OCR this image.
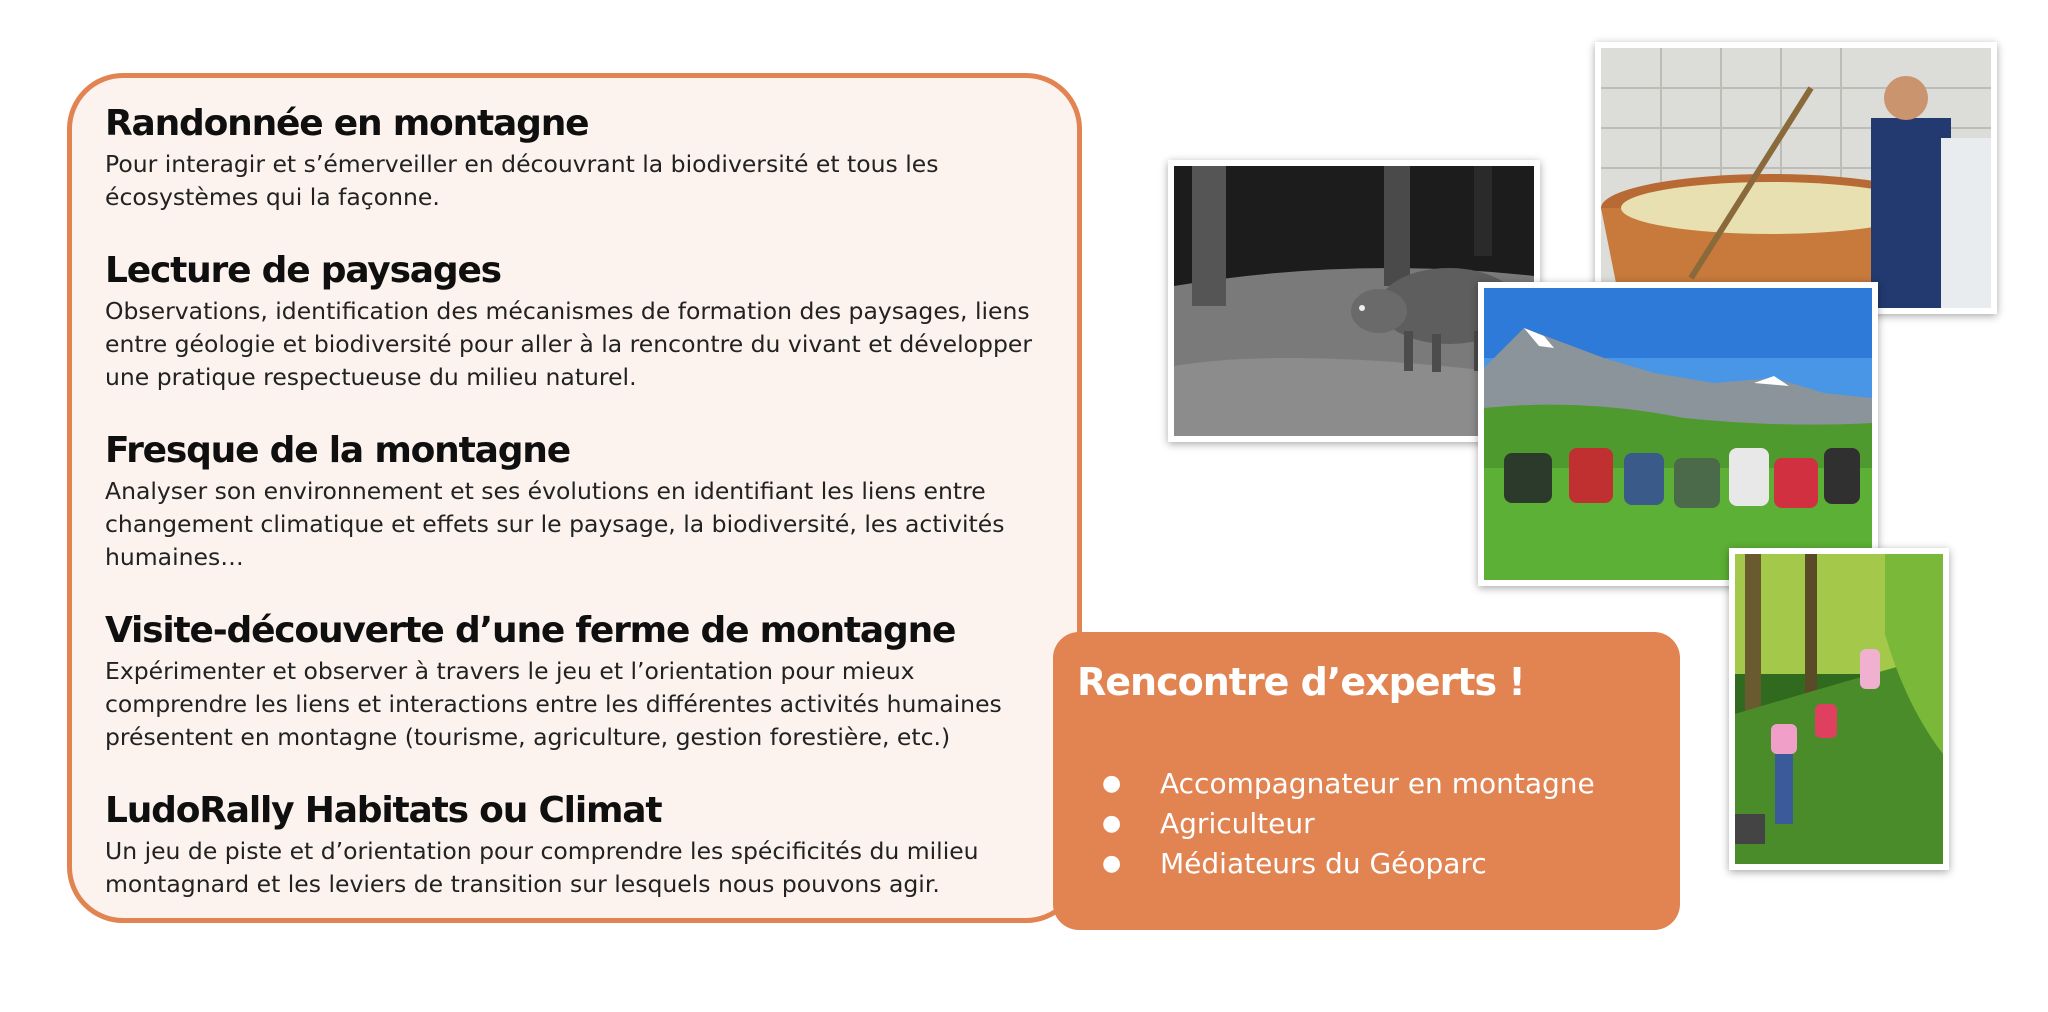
Randonnée en montagne

Pour interagir et s’émerveiller en découvrant la biodiversité et tous les écosystèmes qui la façonne.

Lecture de paysages

Observations, identification des mécanismes de formation des paysages, liens entre géologie et biodiversité pour aller à la rencontre du vivant et développer une pratique respectueuse du milieu naturel.

Fresque de la montagne

Analyser son environnement et ses évolutions en identifiant les liens entre changement climatique et effets sur le paysage, la biodiversité, les activités humaines…

Visite-découverte d’une ferme de montagne

Expérimenter et observer à travers le jeu et l’orientation pour mieux comprendre les liens et interactions entre les différentes activités humaines présentent en montagne (tourisme, agriculture, gestion forestière, etc.)

LudoRally Habitats ou Climat

Un jeu de piste et d’orientation pour comprendre les spécificités du milieu montagnard et les leviers de transition sur lesquels nous pouvons agir.

Rencontre d’experts !
● Accompagnateur en montagne
● Agriculteur
● Médiateurs du Géoparc
